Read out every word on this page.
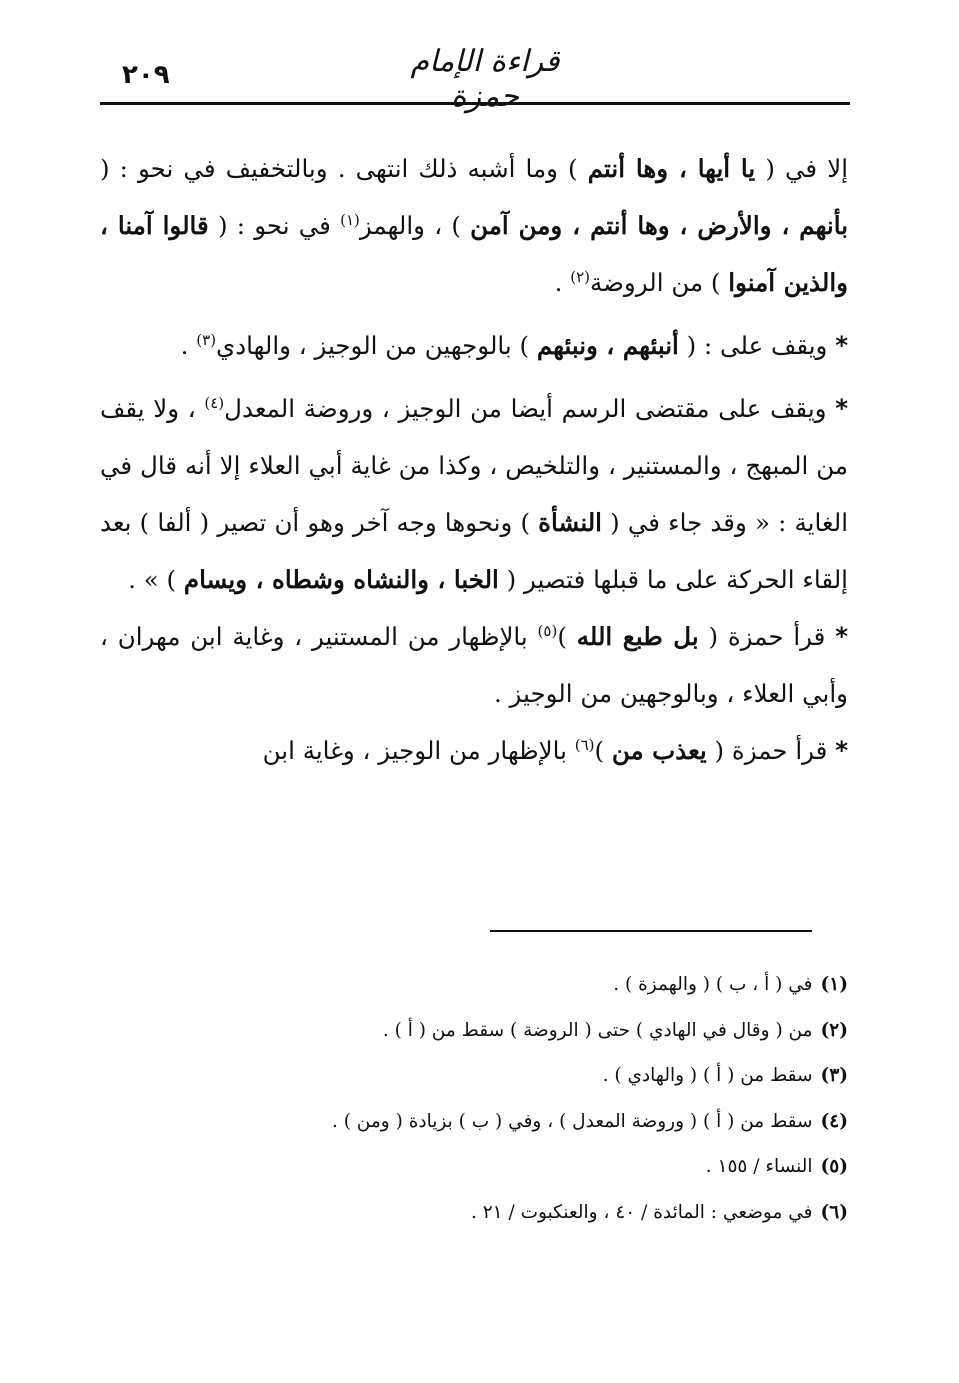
٢٠٩	قراءة الإمام حمزة

إلا في ( يا أيها ، وها أنتم ) وما أشبه ذلك انتهى . وبالتخفيف في نحو : ( بأنهم ، والأرض ، وها أنتم ، ومن آمن ) ، والهمز$^{(١)}$ في نحو : ( قالوا آمنا ، والذين آمنوا ) من الروضة$^{(٢)}$ .

* ويقف على : ( أنبئهم ، ونبئهم ) بالوجهين من الوجيز ، والهادي$^{(٣)}$ .

* ويقف على مقتضى الرسم أيضا من الوجيز ، وروضة المعدل$^{(٤)}$ ، ولا يقف من المبهج ، والمستنير ، والتلخيص ، وكذا من غاية أبي العلاء إلا أنه قال في الغاية : « وقد جاء في ( النشأة ) ونحوها وجه آخر وهو أن تصير ( ألفا ) بعد إلقاء الحركة على ما قبلها فتصير ( الخبا ، والنشاه وشطاه ، ويسام ) » .

* قرأ حمزة ( بل طبع الله )$^{(٥)}$ بالإظهار من المستنير ، وغاية ابن مهران ، وأبي العلاء ، وبالوجهين من الوجيز .

* قرأ حمزة ( يعذب من )$^{(٦)}$ بالإظهار من الوجيز ، وغاية ابن

(١)في ( أ ، ب ) ( والهمزة ) .

(٢)من ( وقال في الهادي ) حتى ( الروضة ) سقط من ( أ ) .

(٣)سقط من ( أ ) ( والهادي ) .

(٤)سقط من ( أ ) ( وروضة المعدل ) ، وفي ( ب ) بزيادة ( ومن ) .

(٥)النساء / ١٥٥ .

(٦)في موضعي : المائدة / ٤٠ ، والعنكبوت / ٢١ .
